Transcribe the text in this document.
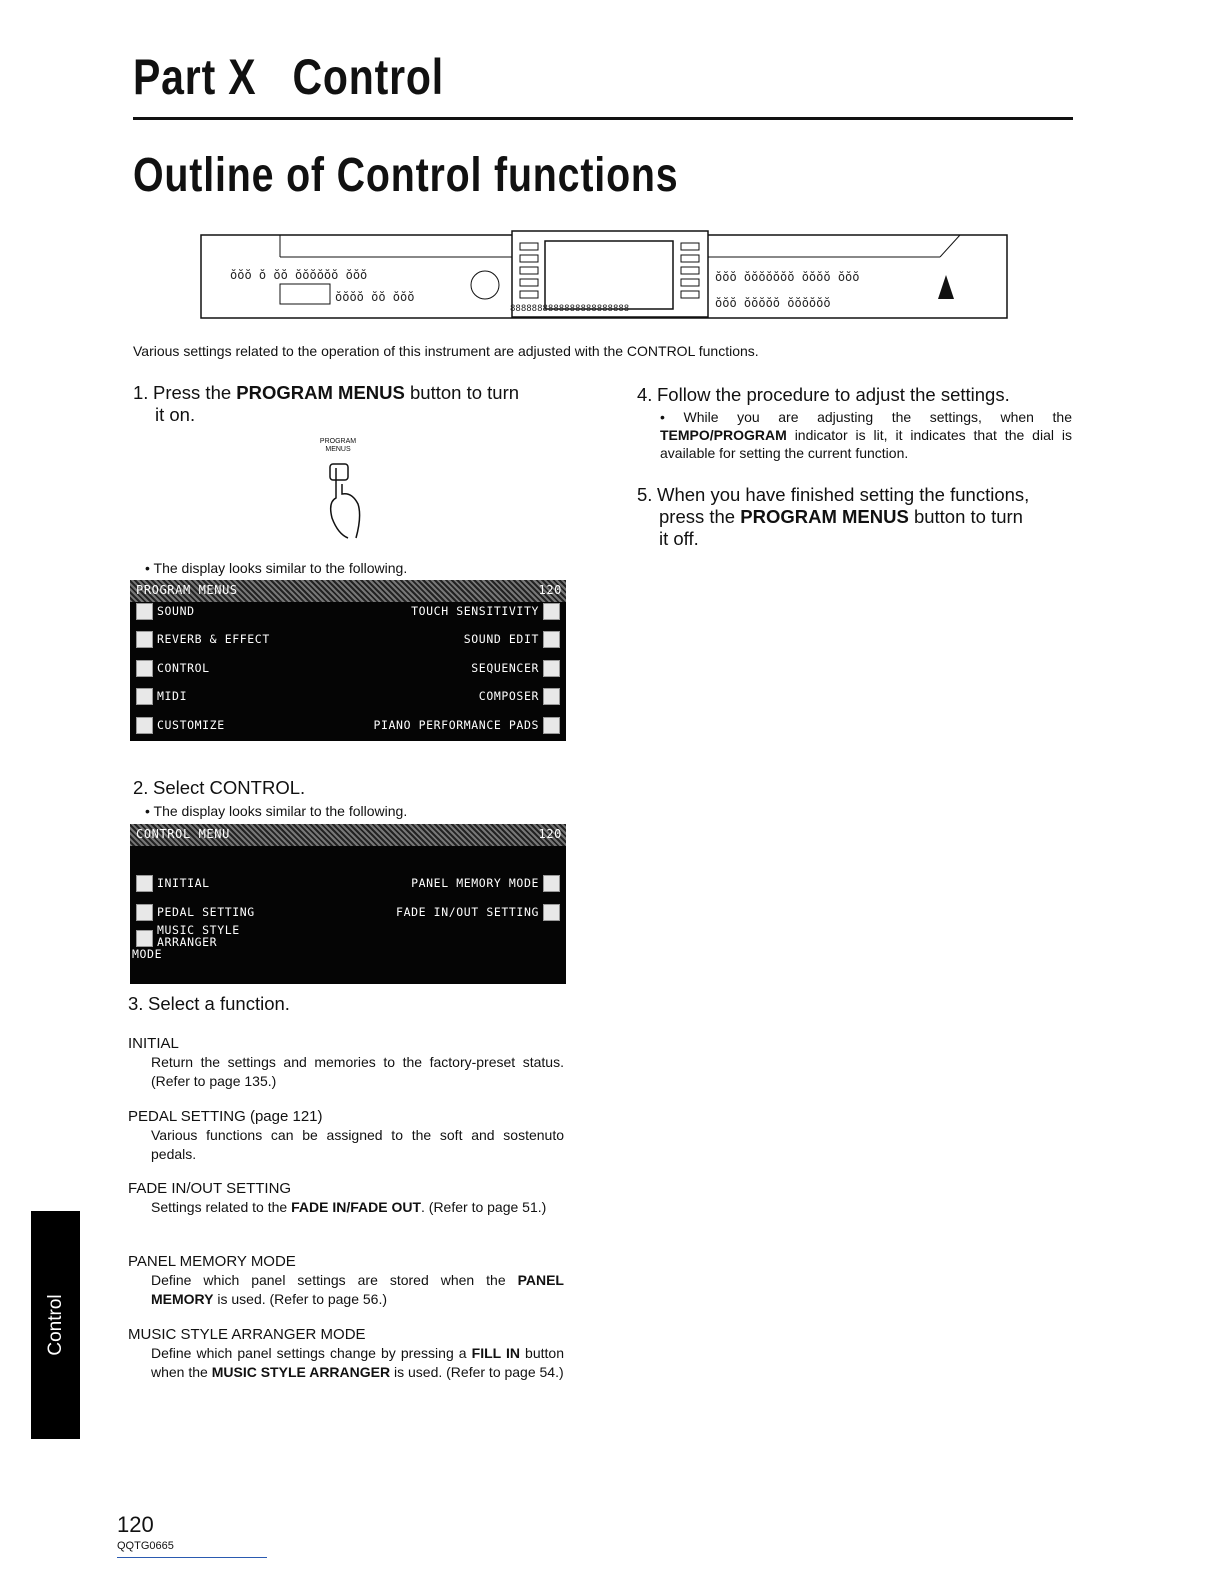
Part X Control
Outline of Control functions
ŏŏŏ ŏ ŏŏ ŏŏŏŏŏŏ ŏŏŏ
ŏŏŏŏ ŏŏ ŏŏŏ
ŏŏŏ ŏŏŏŏŏŏŏ ŏŏŏŏ ŏŏŏ
ŏŏŏ ŏŏŏŏŏ ŏŏŏŏŏŏ
8888888888888888888888
Various settings related to the operation of this instrument are adjusted with the CONTROL functions.
1. Press the PROGRAM MENUS button to turn
it on.
PROGRAM MENUS
• The display looks similar to the following.
PROGRAM MENUS	120
SOUND
REVERB & EFFECT
CONTROL
MIDI
CUSTOMIZE
TOUCH SENSITIVITY
SOUND EDIT
SEQUENCER
COMPOSER
PIANO PERFORMANCE PADS
2. Select CONTROL.
• The display looks similar to the following.
CONTROL MENU	120
INITIAL
PEDAL SETTING
MUSIC STYLE ARRANGER
MODE
PANEL MEMORY MODE
FADE IN/OUT SETTING
3. Select a function.
INITIAL
Return the settings and memories to the factory-preset status. (Refer to page 135.)
PEDAL SETTING (page 121)
Various functions can be assigned to the soft and sostenuto pedals.
FADE IN/OUT SETTING
Settings related to the FADE IN/FADE OUT. (Refer to page 51.)
PANEL MEMORY MODE
Define which panel settings are stored when the PANEL MEMORY is used. (Refer to page 56.)
MUSIC STYLE ARRANGER MODE
Define which panel settings change by pressing a FILL IN button when the MUSIC STYLE ARRANGER is used. (Refer to page 54.)
4. Follow the procedure to adjust the settings.
• While you are adjusting the settings, when the TEMPO/PROGRAM indicator is lit, it indicates that the dial is available for setting the current function.
5. When you have finished setting the functions,
press the PROGRAM MENUS button to turn
it off.
Control
120
QQTG0665
